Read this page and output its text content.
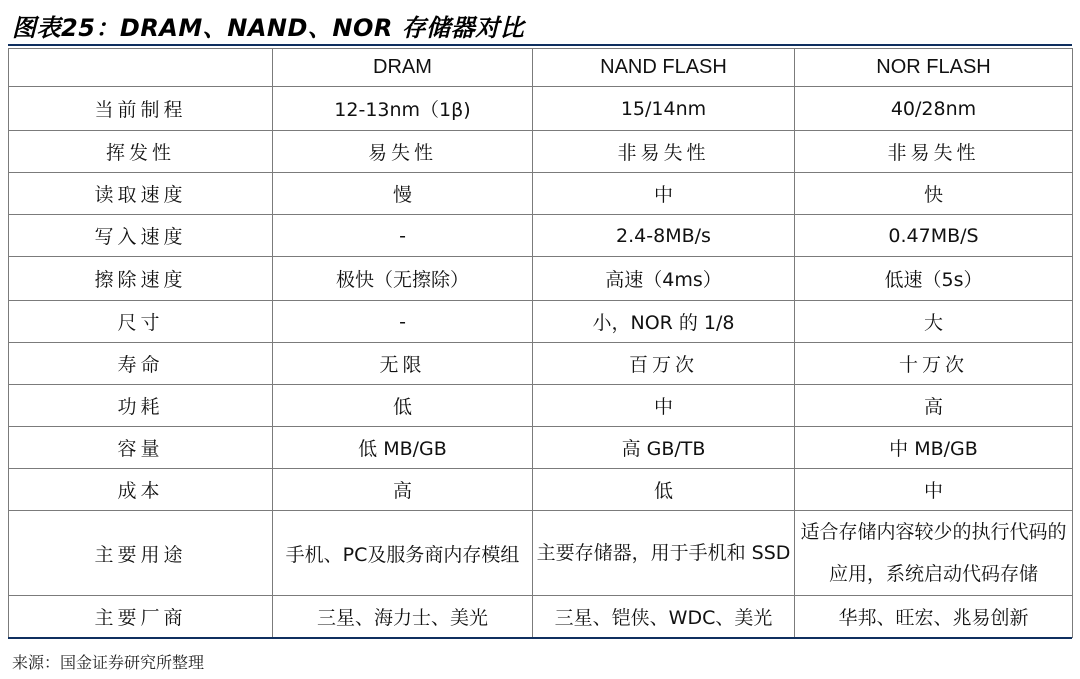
图表25：DRAM、NAND、NOR 存储器对比
	DRAM	NAND FLASH	NOR FLASH
当前制程	12-13nm（1β)	15/14nm	40/28nm
挥发性	易失性	非易失性	非易失性
读取速度	慢	中	快
写入速度	-	2.4-8MB/s	0.47MB/S
擦除速度	极快（无擦除）	高速（4ms）	低速（5s）
尺寸	-	小，NOR 的 1/8	大
寿命	无限	百万次	十万次
功耗	低	中	高
容量	低 MB/GB	高 GB/TB	中 MB/GB
成本	高	低	中
主要用途	手机、PC及服务商内存模组	主要存储器，用于手机和 SSD	适合存储内容较少的执行代码的应用，系统启动代码存储
主要厂商	三星、海力士、美光	三星、铠侠、WDC、美光	华邦、旺宏、兆易创新
来源：国金证券研究所整理
